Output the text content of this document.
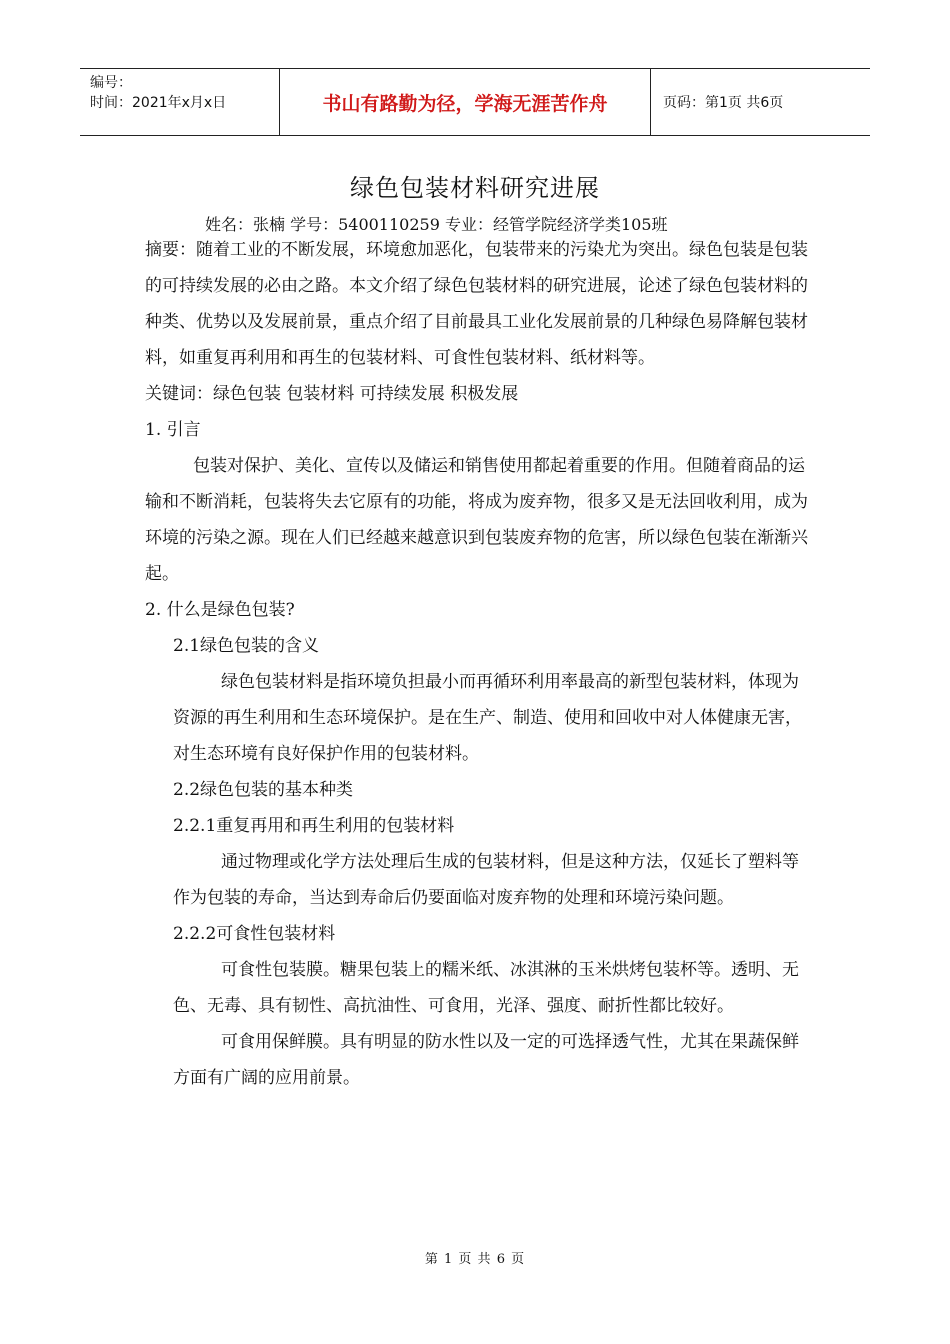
编号：
时间：2021年x月x日	书山有路勤为径，学海无涯苦作舟	页码：第1页 共6页
绿色包装材料研究进展
姓名：张楠 学号：5400110259 专业：经管学院经济学类105班

摘要：随着工业的不断发展，环境愈加恶化，包装带来的污染尤为突出。绿色包装是包装的可持续发展的必由之路。本文介绍了绿色包装材料的研究进展，论述了绿色包装材料的种类、优势以及发展前景，重点介绍了目前最具工业化发展前景的几种绿色易降解包装材料，如重复再利用和再生的包装材料、可食性包装材料、纸材料等。

关键词：绿色包装 包装材料 可持续发展 积极发展

1. 引言

包装对保护、美化、宣传以及储运和销售使用都起着重要的作用。但随着商品的运输和不断消耗，包装将失去它原有的功能，将成为废弃物，很多又是无法回收利用，成为环境的污染之源。现在人们已经越来越意识到包装废弃物的危害，所以绿色包装在渐渐兴起。

2. 什么是绿色包装?

2.1绿色包装的含义

绿色包装材料是指环境负担最小而再循环利用率最高的新型包装材料，体现为资源的再生利用和生态环境保护。是在生产、制造、使用和回收中对人体健康无害，对生态环境有良好保护作用的包装材料。

2.2绿色包装的基本种类

2.2.1重复再用和再生利用的包装材料

通过物理或化学方法处理后生成的包装材料，但是这种方法，仅延长了塑料等作为包装的寿命，当达到寿命后仍要面临对废弃物的处理和环境污染问题。

2.2.2可食性包装材料

可食性包装膜。糖果包装上的糯米纸、冰淇淋的玉米烘烤包装杯等。透明、无色、无毒、具有韧性、高抗油性、可食用，光泽、强度、耐折性都比较好。

可食用保鲜膜。具有明显的防水性以及一定的可选择透气性，尤其在果蔬保鲜方面有广阔的应用前景。

第 1 页 共 6 页
